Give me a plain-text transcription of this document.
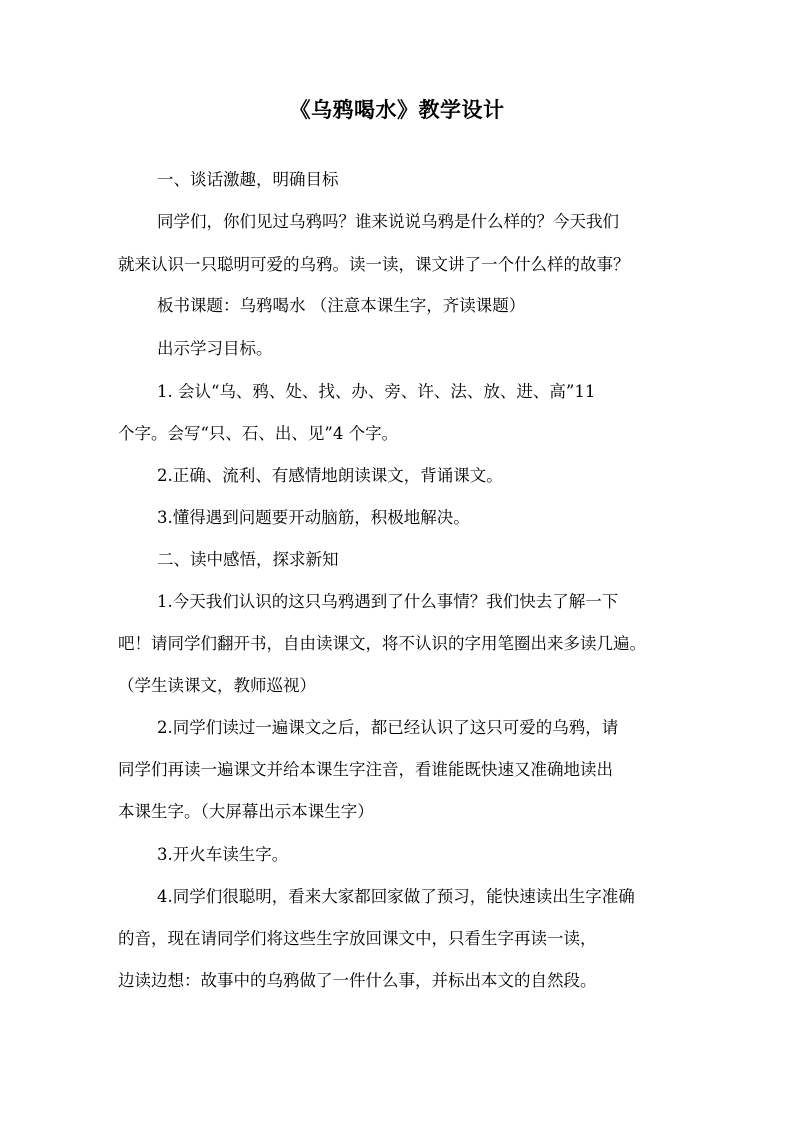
《乌鸦喝水》教学设计
一、谈话激趣，明确目标
同学们，你们见过乌鸦吗？谁来说说乌鸦是什么样的？今天我们
就来认识一只聪明可爱的乌鸦。读一读，课文讲了一个什么样的故事？
板书课题：乌鸦喝水 （注意本课生字，齐读课题）
出示学习目标。
1. 会认“乌、鸦、处、找、办、旁、许、法、放、进、高”11
个字。会写“只、石、出、见”4 个字。
2.正确、流利、有感情地朗读课文，背诵课文。
3.懂得遇到问题要开动脑筋，积极地解决。
二、读中感悟，探求新知
1.今天我们认识的这只乌鸦遇到了什么事情？我们快去了解一下
吧！请同学们翻开书，自由读课文，将不认识的字用笔圈出来多读几遍。
（学生读课文，教师巡视）
2.同学们读过一遍课文之后，都已经认识了这只可爱的乌鸦，请
同学们再读一遍课文并给本课生字注音，看谁能既快速又准确地读出
本课生字。（大屏幕出示本课生字）
3.开火车读生字。
4.同学们很聪明，看来大家都回家做了预习，能快速读出生字准确
的音，现在请同学们将这些生字放回课文中，只看生字再读一读，
边读边想：故事中的乌鸦做了一件什么事，并标出本文的自然段。
